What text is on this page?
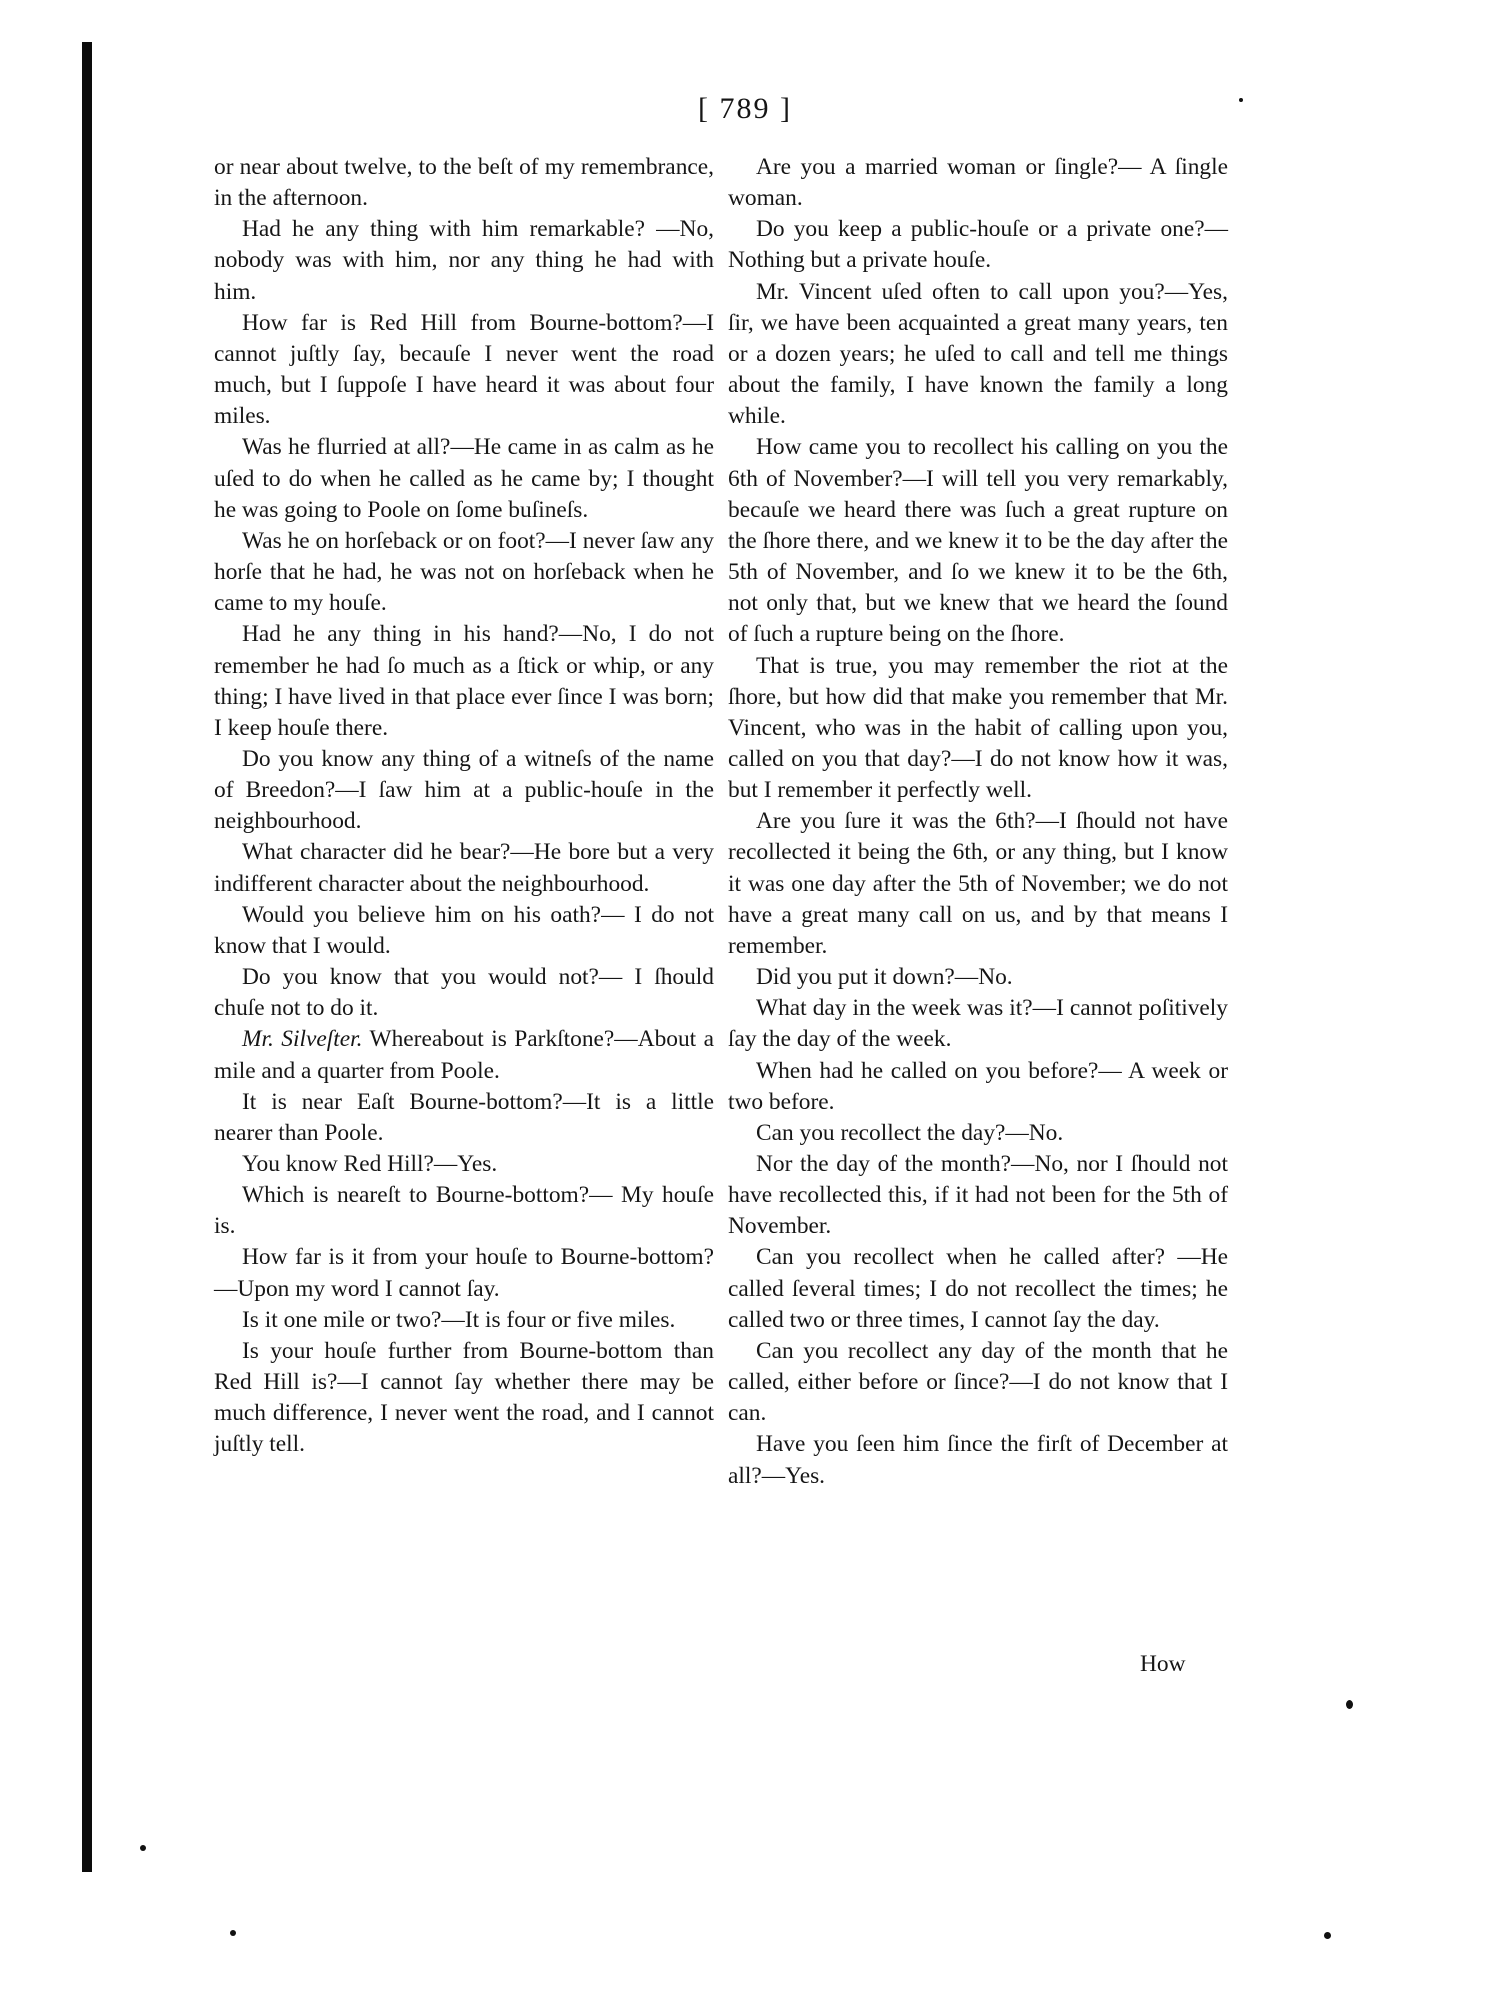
[ 789 ]

or near about twelve, to the beſt of my remembrance, in the afternoon.

Had he any thing with him remarkable? —No, nobody was with him, nor any thing he had with him.

How far is Red Hill from Bourne-bottom?—I cannot juſtly ſay, becauſe I never went the road much, but I ſuppoſe I have heard it was about four miles.

Was he flurried at all?—He came in as calm as he uſed to do when he called as he came by; I thought he was going to Poole on ſome buſineſs.

Was he on horſeback or on foot?—I never ſaw any horſe that he had, he was not on horſeback when he came to my houſe.

Had he any thing in his hand?—No, I do not remember he had ſo much as a ſtick or whip, or any thing; I have lived in that place ever ſince I was born; I keep houſe there.

Do you know any thing of a witneſs of the name of Breedon?—I ſaw him at a public-houſe in the neighbourhood.

What character did he bear?—He bore but a very indifferent character about the neighbourhood.

Would you believe him on his oath?— I do not know that I would.

Do you know that you would not?— I ſhould chuſe not to do it.

Mr. Silveſter. Whereabout is Parkſtone?—About a mile and a quarter from Poole.

It is near Eaſt Bourne-bottom?—It is a little nearer than Poole.

You know Red Hill?—Yes.

Which is neareſt to Bourne-bottom?— My houſe is.

How far is it from your houſe to Bourne-bottom?—Upon my word I cannot ſay.

Is it one mile or two?—It is four or five miles.

Is your houſe further from Bourne-bottom than Red Hill is?—I cannot ſay whether there may be much difference, I never went the road, and I cannot juſtly tell.

Are you a married woman or ſingle?— A ſingle woman.

Do you keep a public-houſe or a private one?—Nothing but a private houſe.

Mr. Vincent uſed often to call upon you?—Yes, ſir, we have been acquainted a great many years, ten or a dozen years; he uſed to call and tell me things about the family, I have known the family a long while.

How came you to recollect his calling on you the 6th of November?—I will tell you very remarkably, becauſe we heard there was ſuch a great rupture on the ſhore there, and we knew it to be the day after the 5th of November, and ſo we knew it to be the 6th, not only that, but we knew that we heard the ſound of ſuch a rupture being on the ſhore.

That is true, you may remember the riot at the ſhore, but how did that make you remember that Mr. Vincent, who was in the habit of calling upon you, called on you that day?—I do not know how it was, but I remember it perfectly well.

Are you ſure it was the 6th?—I ſhould not have recollected it being the 6th, or any thing, but I know it was one day after the 5th of November; we do not have a great many call on us, and by that means I remember.

Did you put it down?—No.

What day in the week was it?—I cannot poſitively ſay the day of the week.

When had he called on you before?— A week or two before.

Can you recollect the day?—No.

Nor the day of the month?—No, nor I ſhould not have recollected this, if it had not been for the 5th of November.

Can you recollect when he called after? —He called ſeveral times; I do not recollect the times; he called two or three times, I cannot ſay the day.

Can you recollect any day of the month that he called, either before or ſince?—I do not know that I can.

Have you ſeen him ſince the firſt of December at all?—Yes.

How
